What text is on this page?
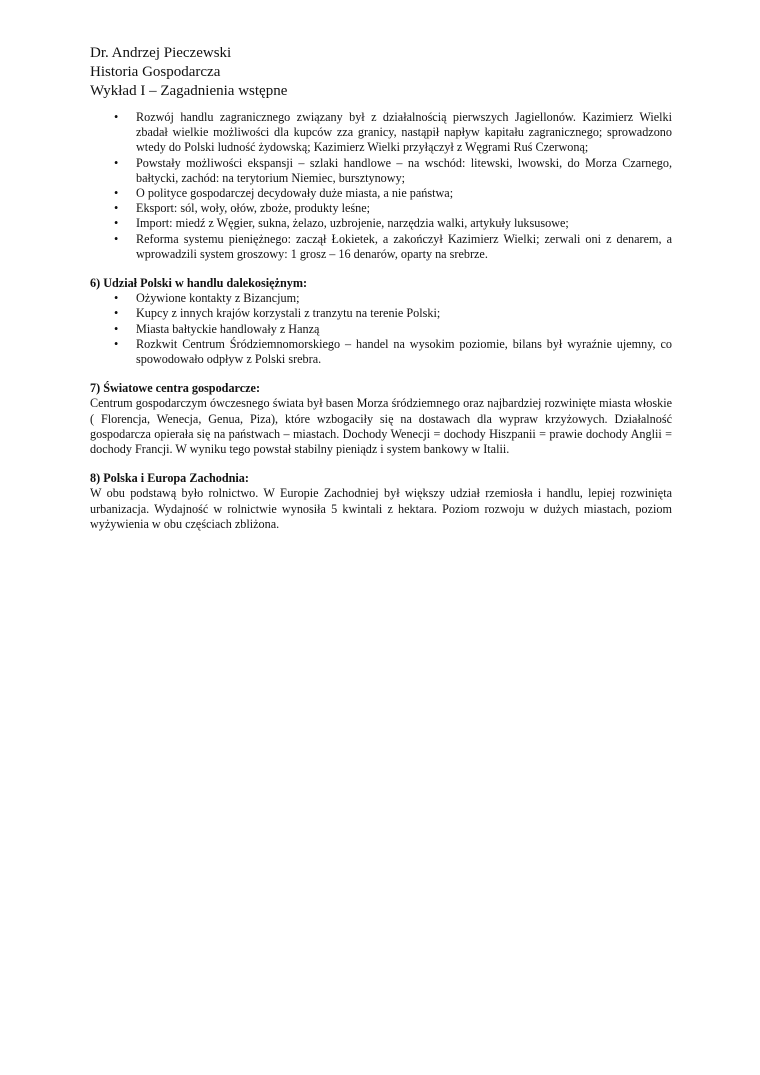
Dr. Andrzej Pieczewski

Historia Gospodarcza

Wykład I – Zagadnienia wstępne

• Rozwój handlu zagranicznego związany był z działalnością pierwszych Jagiellonów. Kazimierz Wielki zbadał wielkie możliwości dla kupców zza granicy, nastąpił napływ kapitału zagranicznego; sprowadzono wtedy do Polski ludność żydowską; Kazimierz Wielki przyłączył z Węgrami Ruś Czerwoną;
• Powstały możliwości ekspansji – szlaki handlowe – na wschód: litewski, lwowski, do Morza Czarnego, bałtycki, zachód: na terytorium Niemiec, bursztynowy;
• O polityce gospodarczej decydowały duże miasta, a nie państwa;
• Eksport: sól, woły, ołów, zboże, produkty leśne;
• Import: miedź z Węgier, sukna, żelazo, uzbrojenie, narzędzia walki, artykuły luksusowe;
• Reforma systemu pieniężnego: zaczął Łokietek, a zakończył Kazimierz Wielki; zerwali oni z denarem, a wprowadzili system groszowy: 1 grosz – 16 denarów, oparty na srebrze.

6) Udział Polski w handlu dalekosiężnym:

• Ożywione kontakty z Bizancjum;
• Kupcy z innych krajów korzystali z tranzytu na terenie Polski;
• Miasta bałtyckie handlowały z Hanzą
• Rozkwit Centrum Śródziemnomorskiego – handel na wysokim poziomie, bilans był wyraźnie ujemny, co spowodowało odpływ z Polski srebra.

7) Światowe centra gospodarcze:

Centrum gospodarczym ówczesnego świata był basen Morza śródziemnego oraz najbardziej rozwinięte miasta włoskie ( Florencja, Wenecja, Genua, Piza), które wzbogaciły się na dostawach dla wypraw krzyżowych. Działalność gospodarcza opierała się na państwach – miastach. Dochody Wenecji = dochody Hiszpanii = prawie dochody Anglii = dochody Francji. W wyniku tego powstał stabilny pieniądz i system bankowy w Italii.

8) Polska i Europa Zachodnia:

W obu podstawą było rolnictwo. W Europie Zachodniej był większy udział rzemiosła i handlu, lepiej rozwinięta urbanizacja. Wydajność w rolnictwie wynosiła 5 kwintali z hektara. Poziom rozwoju w dużych miastach, poziom wyżywienia w obu częściach zbliżona.
